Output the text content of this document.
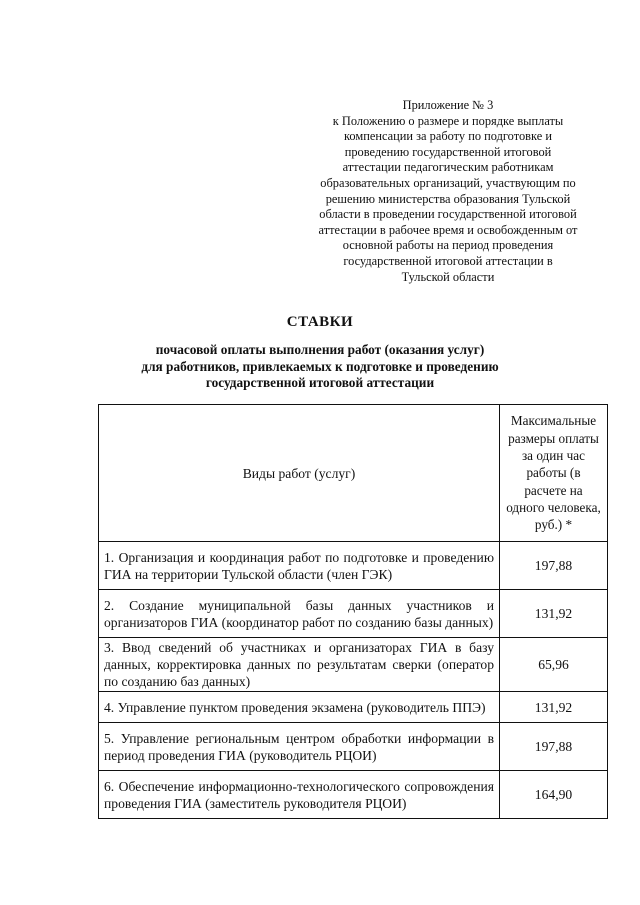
Приложение № 3
к Положению о размере и порядке выплаты
компенсации за работу по подготовке и
проведению государственной итоговой
аттестации педагогическим работникам
образовательных организаций, участвующим по
решению министерства образования Тульской
области в проведении государственной итоговой
аттестации в рабочее время и освобожденным от
основной работы на период проведения
государственной итоговой аттестации в
Тульской области
СТАВКИ
почасовой оплаты выполнения работ (оказания услуг)
для работников, привлекаемых к подготовке и проведению
государственной итоговой аттестации
Виды работ (услуг)	Максимальные размеры оплаты за один час работы (в расчете на одного человека, руб.) *
1. Организация и координация работ по подготовке и проведению ГИА на территории Тульской области (член ГЭК)	197,88
2. Создание муниципальной базы данных участников и организаторов ГИА (координатор работ по созданию базы данных)	131,92
3. Ввод сведений об участниках и организаторах ГИА в базу данных, корректировка данных по результатам сверки (оператор по созданию баз данных)	65,96
4. Управление пунктом проведения экзамена (руководитель ППЭ)	131,92
5. Управление региональным центром обработки информации в период проведения ГИА (руководитель РЦОИ)	197,88
6. Обеспечение информационно-технологического сопровождения проведения ГИА (заместитель руководителя РЦОИ)	164,90
